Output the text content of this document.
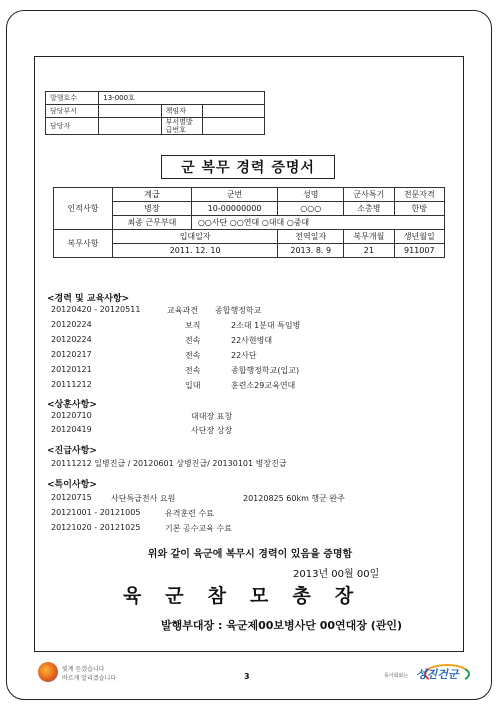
발행호수	13-000호		
담당부서		책임자	
담당자		부서별발
급번호	
군 복무 경력 증명서
인적사항	계급	군번	성명	군사특기	전문자격
	병장	10-00000000	○○○	소총병	한방
	최종 근무부대	○○사단 ○○연대 ○대대 ○중대			
복무사항	입대일자		전역일자	복무개월	생년월일
	2011. 12. 10		2013. 8. 9	21	911007
<경력 및 교육사항>
20120420 - 20120511	교육과견 종합행정학교
20120224	보직	2소대 1분대 특임병
20120224	전속	22사현병대
20120217	전속	22사단
20120121	전속	종합행정학교(입교)
20111212	입대	훈련소29교육연대
<상훈사항>
20120710	대대장 표창
20120419	사단장 상장
<진급사항>
20111212 일병진급 / 20120601 상병진급/ 20130101 병장진급
<특이사항>
20120715 사단특급전사 요원	20120825 60km 행군 완주
20121001 - 20121005	유격훈련 수료
20121020 - 20121025	기본 공수교육 수료
위와 같이 육군에 복무시 경력이 있음을 증명함
2013년 00월 00일
육군참모총장
발행부대장 : 육군제00보병사단 00연대장 (관인)
빛계 듣겠습니다
바르게 알리겠습니다	3	동아회와는 성진건군
